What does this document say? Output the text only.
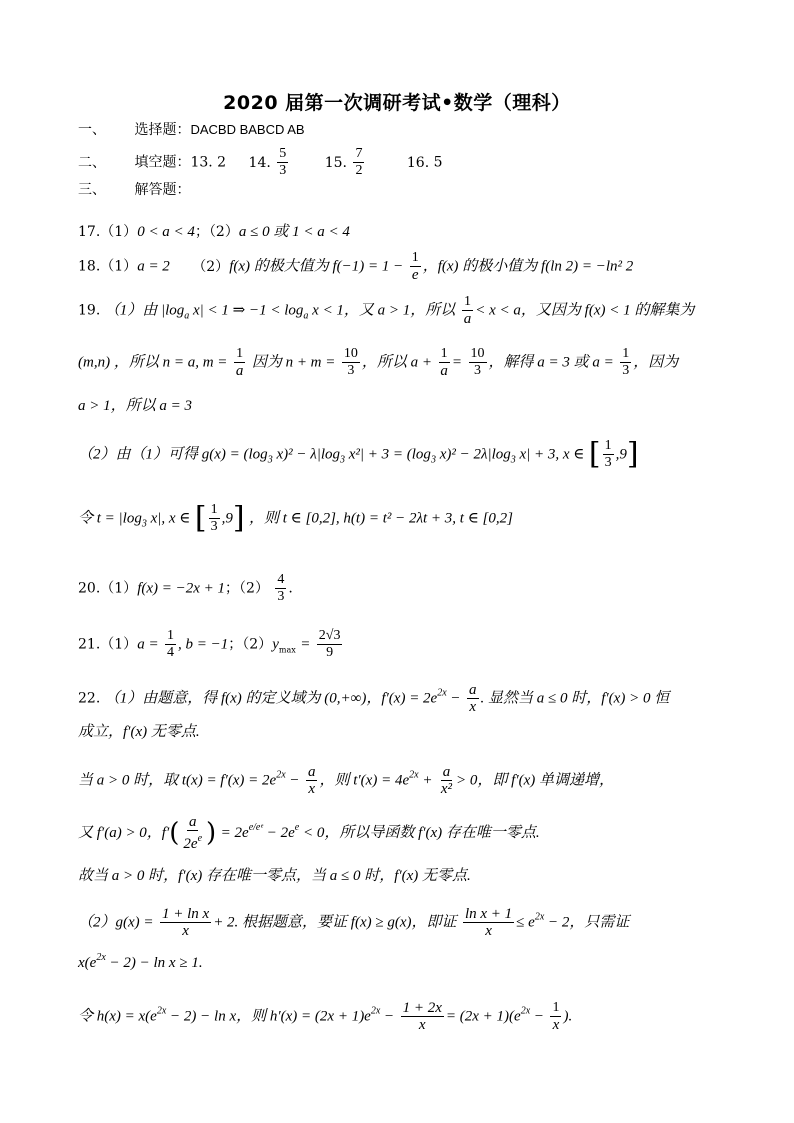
2020 届第一次调研考试•数学（理科）
一、 选择题：DACBD BABCD AB
二、 填空题：13. 2 14. $\frac{5}{3}$	15. $\frac{7}{2}$	16. 5
三、 解答题：
17.（1）0 < a < 4；（2）a ≤ 0 或 1 < a < 4
18.（1）a = 2 （2）f(x) 的极大值为 $f(-1) = 1 - \frac{1}{e}$ ，f(x) 的极小值为 f(ln 2) = −ln² 2
19. （1）由 $|\log_a$ x| < 1 ⇒ $-1 < \log_a x < 1$，又 a > 1，所以 $\frac{1}{a} < x < a$，又因为 f(x) < 1 的解集为
(m,n) ，所以 n = a, $m = \frac{1}{a}$ 因为 $n + m = \frac{10}{3}$ ，所以 $a + \frac{1}{a} = \frac{10}{3}$ ，解得 a = 3 或 $a = \frac{1}{3}$ ，因为
a > 1，所以 a = 3
（2）由（1）可得 $g(x) = (\log_3$ $x)^2 - \lambda|\log_3$ $x^2| + 3 = (\log_3$ $x)^2 - 2\lambda|\log_3$ x| + 3, x ∈ [ $\frac{1}{3} ,9$]
令 $t = |\log_3$ x|, x ∈ [ $\frac{1}{3} ,9$] ，则 t ∈ [0,2], h(t) = t² − 2λt + 3, t ∈ [0,2]
20.（1）f(x) = −2x + 1；$(2) \frac{4}{3}$ .
$21.(1)a = \frac{1}{4}$ , b = −1；$(2)y_{max} = \frac{2√3}{9}$
22. （1）由题意，得 f(x) 的定义域为 (0,+∞)，$f'(x) = 2e^{2x} - \frac{a}{x}$ . 显然当 a ≤ 0 时，f′(x) > 0 恒
成立，f′(x) 无零点.
当 a > 0 时，取 $t(x) = f'(x) = 2e^{2x} - \frac{a}{x}$ ，则 $t'(x) = 4e^{2x} + \frac{a}{\text{x²}} > 0$，即 f′(x) 单调递增，
又 f′(a) > 0，$f'( \frac{a}{2e^e}$ ) = $2e^{e/eᵉ} - 2e^e < 0$，所以导函数 f′(x) 存在唯一零点.
故当 a > 0 时，f′(x) 存在唯一零点，当 a ≤ 0 时，f′(x) 无零点.
$(2)g(x) = \frac{\text{1 + ln x}}{x} + 2$. 根据题意，要证 f(x) ≥ g(x)，即证 $\frac{\text{ln x + 1}}{x} \le e^{2x} - 2$，只需证
$x(e^{2x} - 2) - \ln x \ge 1$.
令 $h(x) = x(e^{2x} - 2) - \ln x$，则 $h'(x) = (2x + 1)e^{2x} - \frac{1 + 2x}{x} = (2x + 1)(e^{2x} - \frac{1}{x}$ ).
